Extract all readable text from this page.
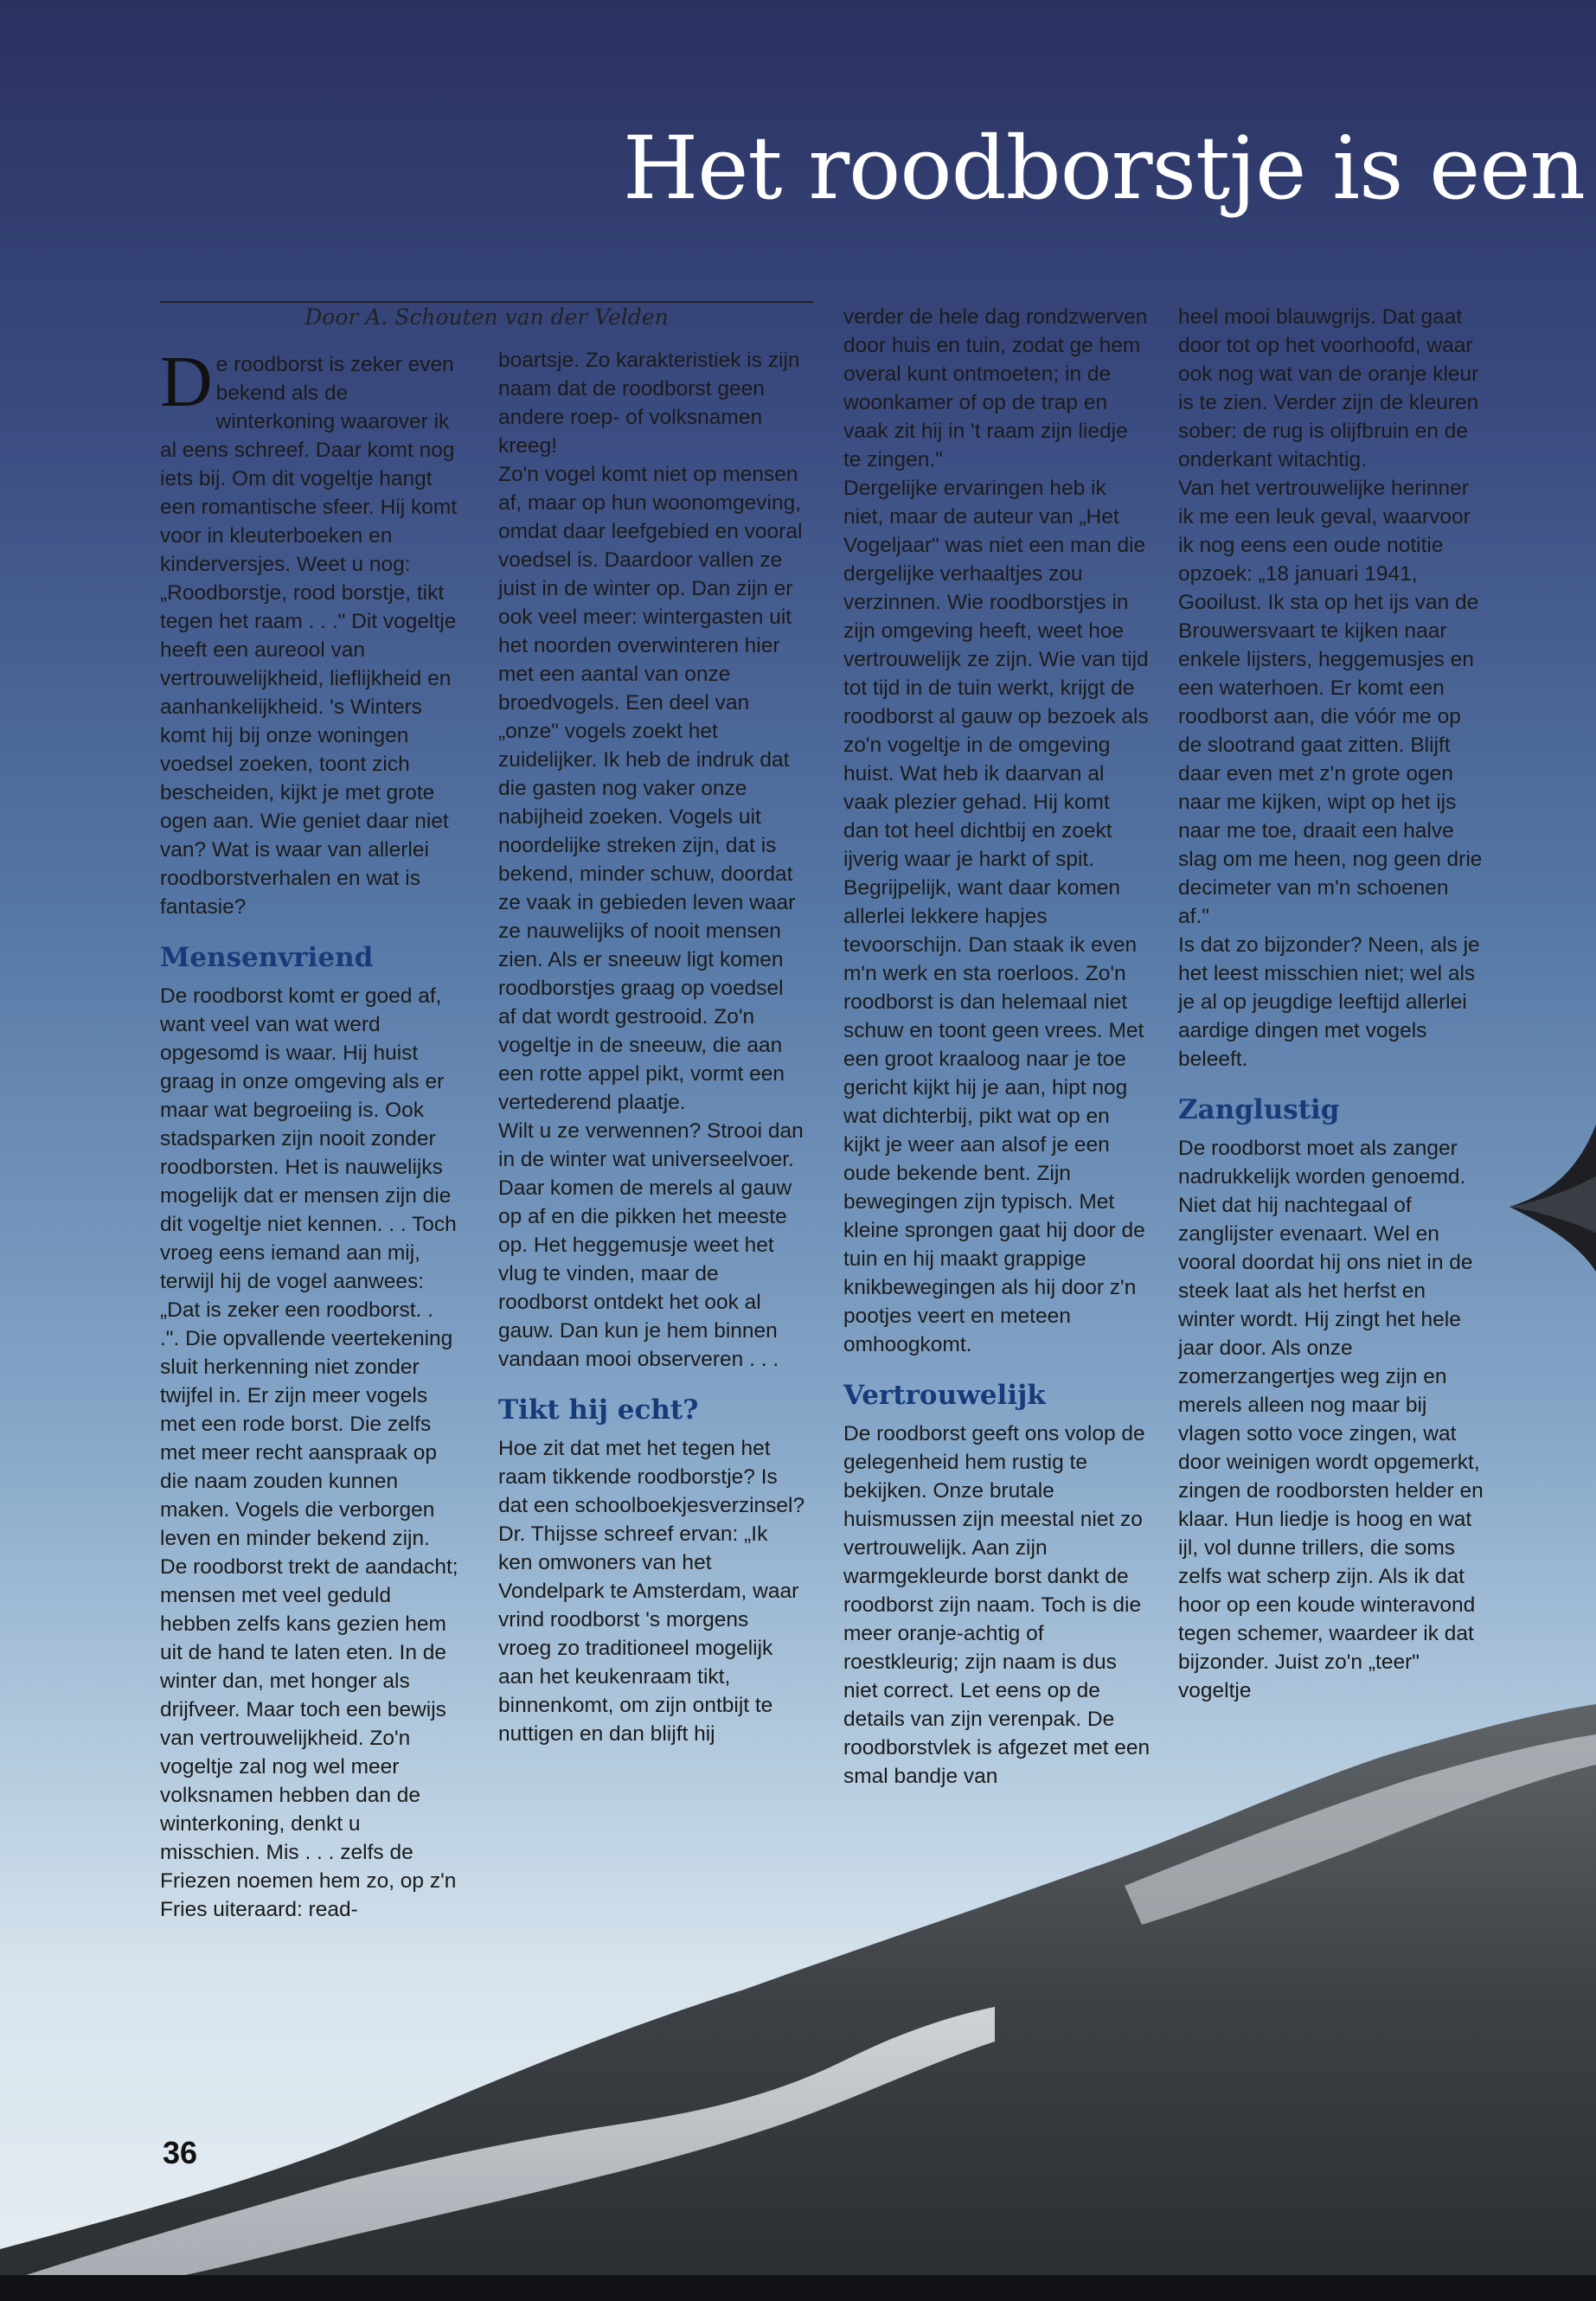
Het roodborstje is een
Door A. Schouten van der Velden

De roodborst is zeker even bekend als de winterkoning waarover ik al eens schreef. Daar komt nog iets bij. Om dit vogeltje hangt een romantische sfeer. Hij komt voor in kleuterboeken en kinderversjes. Weet u nog: „Roodborstje, rood borstje, tikt tegen het raam . . ." Dit vogeltje heeft een aureool van vertrouwelijkheid, lieflijkheid en aanhankelijkheid. 's Winters komt hij bij onze woningen voedsel zoeken, toont zich bescheiden, kijkt je met grote ogen aan. Wie geniet daar niet van? Wat is waar van allerlei roodborstverhalen en wat is fantasie?

Mensenvriend

De roodborst komt er goed af, want veel van wat werd opgesomd is waar. Hij huist graag in onze omgeving als er maar wat begroeiing is. Ook stadsparken zijn nooit zonder roodborsten. Het is nauwelijks mogelijk dat er mensen zijn die dit vogeltje niet kennen. . . Toch vroeg eens iemand aan mij, terwijl hij de vogel aanwees: „Dat is zeker een roodborst. . .". Die opvallende veertekening sluit herkenning niet zonder twijfel in. Er zijn meer vogels met een rode borst. Die zelfs met meer recht aanspraak op die naam zouden kunnen maken. Vogels die verborgen leven en minder bekend zijn. De roodborst trekt de aandacht; mensen met veel geduld hebben zelfs kans gezien hem uit de hand te laten eten. In de winter dan, met honger als drijfveer. Maar toch een bewijs van vertrouwelijkheid. Zo'n vogeltje zal nog wel meer volksnamen hebben dan de winterkoning, denkt u misschien. Mis . . . zelfs de Friezen noemen hem zo, op z'n Fries uiteraard: read-

boartsje. Zo karakteristiek is zijn naam dat de roodborst geen andere roep- of volksnamen kreeg!

Zo'n vogel komt niet op mensen af, maar op hun woonomgeving, omdat daar leefgebied en vooral voedsel is. Daardoor vallen ze juist in de winter op. Dan zijn er ook veel meer: wintergasten uit het noorden overwinteren hier met een aantal van onze broedvogels. Een deel van „onze" vogels zoekt het zuidelijker. Ik heb de indruk dat die gasten nog vaker onze nabijheid zoeken. Vogels uit noordelijke streken zijn, dat is bekend, minder schuw, doordat ze vaak in gebieden leven waar ze nauwelijks of nooit mensen zien. Als er sneeuw ligt komen roodborstjes graag op voedsel af dat wordt gestrooid. Zo'n vogeltje in de sneeuw, die aan een rotte appel pikt, vormt een vertederend plaatje.

Wilt u ze verwennen? Strooi dan in de winter wat universeelvoer. Daar komen de merels al gauw op af en die pikken het meeste op. Het heggemusje weet het vlug te vinden, maar de roodborst ontdekt het ook al gauw. Dan kun je hem binnen vandaan mooi observeren . . .

Tikt hij echt?

Hoe zit dat met het tegen het raam tikkende roodborstje? Is dat een schoolboekjesverzinsel? Dr. Thijsse schreef ervan: „Ik ken omwoners van het Vondelpark te Amsterdam, waar vrind roodborst 's morgens vroeg zo traditioneel mogelijk aan het keukenraam tikt, binnenkomt, om zijn ontbijt te nuttigen en dan blijft hij

verder de hele dag rondzwerven door huis en tuin, zodat ge hem overal kunt ontmoeten; in de woonkamer of op de trap en vaak zit hij in 't raam zijn liedje te zingen."

Dergelijke ervaringen heb ik niet, maar de auteur van „Het Vogeljaar" was niet een man die dergelijke verhaaltjes zou verzinnen. Wie roodborstjes in zijn omgeving heeft, weet hoe vertrouwelijk ze zijn. Wie van tijd tot tijd in de tuin werkt, krijgt de roodborst al gauw op bezoek als zo'n vogeltje in de omgeving huist. Wat heb ik daarvan al vaak plezier gehad. Hij komt dan tot heel dichtbij en zoekt ijverig waar je harkt of spit. Begrijpelijk, want daar komen allerlei lekkere hapjes tevoorschijn. Dan staak ik even m'n werk en sta roerloos. Zo'n roodborst is dan helemaal niet schuw en toont geen vrees. Met een groot kraaloog naar je toe gericht kijkt hij je aan, hipt nog wat dichterbij, pikt wat op en kijkt je weer aan alsof je een oude bekende bent. Zijn bewegingen zijn typisch. Met kleine sprongen gaat hij door de tuin en hij maakt grappige knikbewegingen als hij door z'n pootjes veert en meteen omhoogkomt.

Vertrouwelijk

De roodborst geeft ons volop de gelegenheid hem rustig te bekijken. Onze brutale huismussen zijn meestal niet zo vertrouwelijk. Aan zijn warmgekleurde borst dankt de roodborst zijn naam. Toch is die meer oranje-achtig of roestkleurig; zijn naam is dus niet correct. Let eens op de details van zijn verenpak. De roodborstvlek is afgezet met een smal bandje van

heel mooi blauwgrijs. Dat gaat door tot op het voorhoofd, waar ook nog wat van de oranje kleur is te zien. Verder zijn de kleuren sober: de rug is olijfbruin en de onderkant witachtig.

Van het vertrouwelijke herinner ik me een leuk geval, waarvoor ik nog eens een oude notitie opzoek: „18 januari 1941, Gooilust. Ik sta op het ijs van de Brouwersvaart te kijken naar enkele lijsters, heggemusjes en een waterhoen. Er komt een roodborst aan, die vóór me op de slootrand gaat zitten. Blijft daar even met z'n grote ogen naar me kijken, wipt op het ijs naar me toe, draait een halve slag om me heen, nog geen drie decimeter van m'n schoenen af."

Is dat zo bijzonder? Neen, als je het leest misschien niet; wel als je al op jeugdige leeftijd allerlei aardige dingen met vogels beleeft.

Zanglustig

De roodborst moet als zanger nadrukkelijk worden genoemd. Niet dat hij nachtegaal of zanglijster evenaart. Wel en vooral doordat hij ons niet in de steek laat als het herfst en winter wordt. Hij zingt het hele jaar door. Als onze zomerzangertjes weg zijn en merels alleen nog maar bij vlagen sotto voce zingen, wat door weinigen wordt opgemerkt, zingen de roodborsten helder en klaar. Hun liedje is hoog en wat ijl, vol dunne trillers, die soms zelfs wat scherp zijn. Als ik dat hoor op een koude winteravond tegen schemer, waardeer ik dat bijzonder. Juist zo'n „teer" vogeltje

36
